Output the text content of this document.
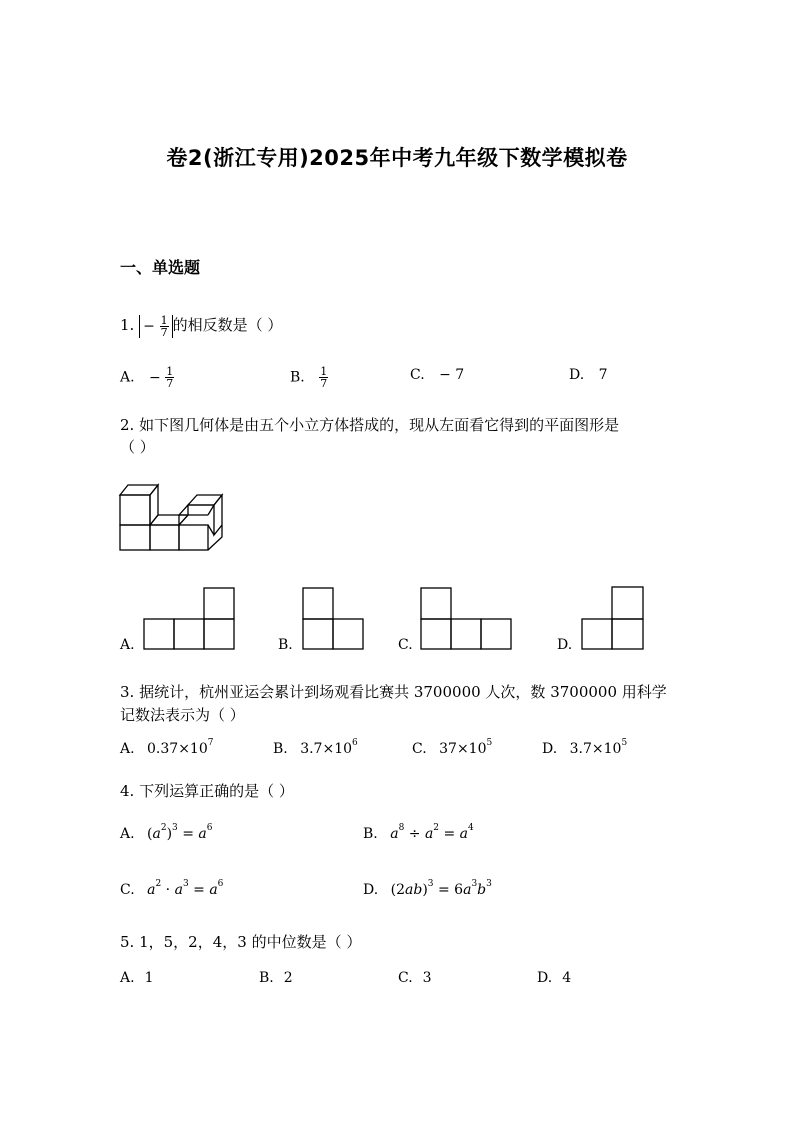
卷2(浙江专用)2025年中考九年级下数学模拟卷
一、单选题
1. − $\frac{1}{7}$ 的相反数是（ ）
A. − $\frac{1}{7}$	B. $\frac{1}{7}$	C. − 7	D. 7
2. 如下图几何体是由五个小立方体搭成的，现从左面看它得到的平面图形是
（ ）
A.	B.	C.	D.
3. 据统计，杭州亚运会累计到场观看比赛共 3700000 人次，数 3700000 用科学
记数法表示为（ ）
A. $0.37\times 10^7$	B. $3.7\times 10^6$	C. $37\times 10^5$	D. $3.7\times 10^5$
4. 下列运算正确的是（ ）
A. $(a^2)^3 = a^6$	B. $a^8 \div a^2 = a^4$
C. $a^2 \cdot a^3 = a^6$	D. $(2ab)^3 = 6a^3b^3$
5. 1，5，2，4，3 的中位数是（ ）
A. 1	B. 2	C. 3	D. 4
